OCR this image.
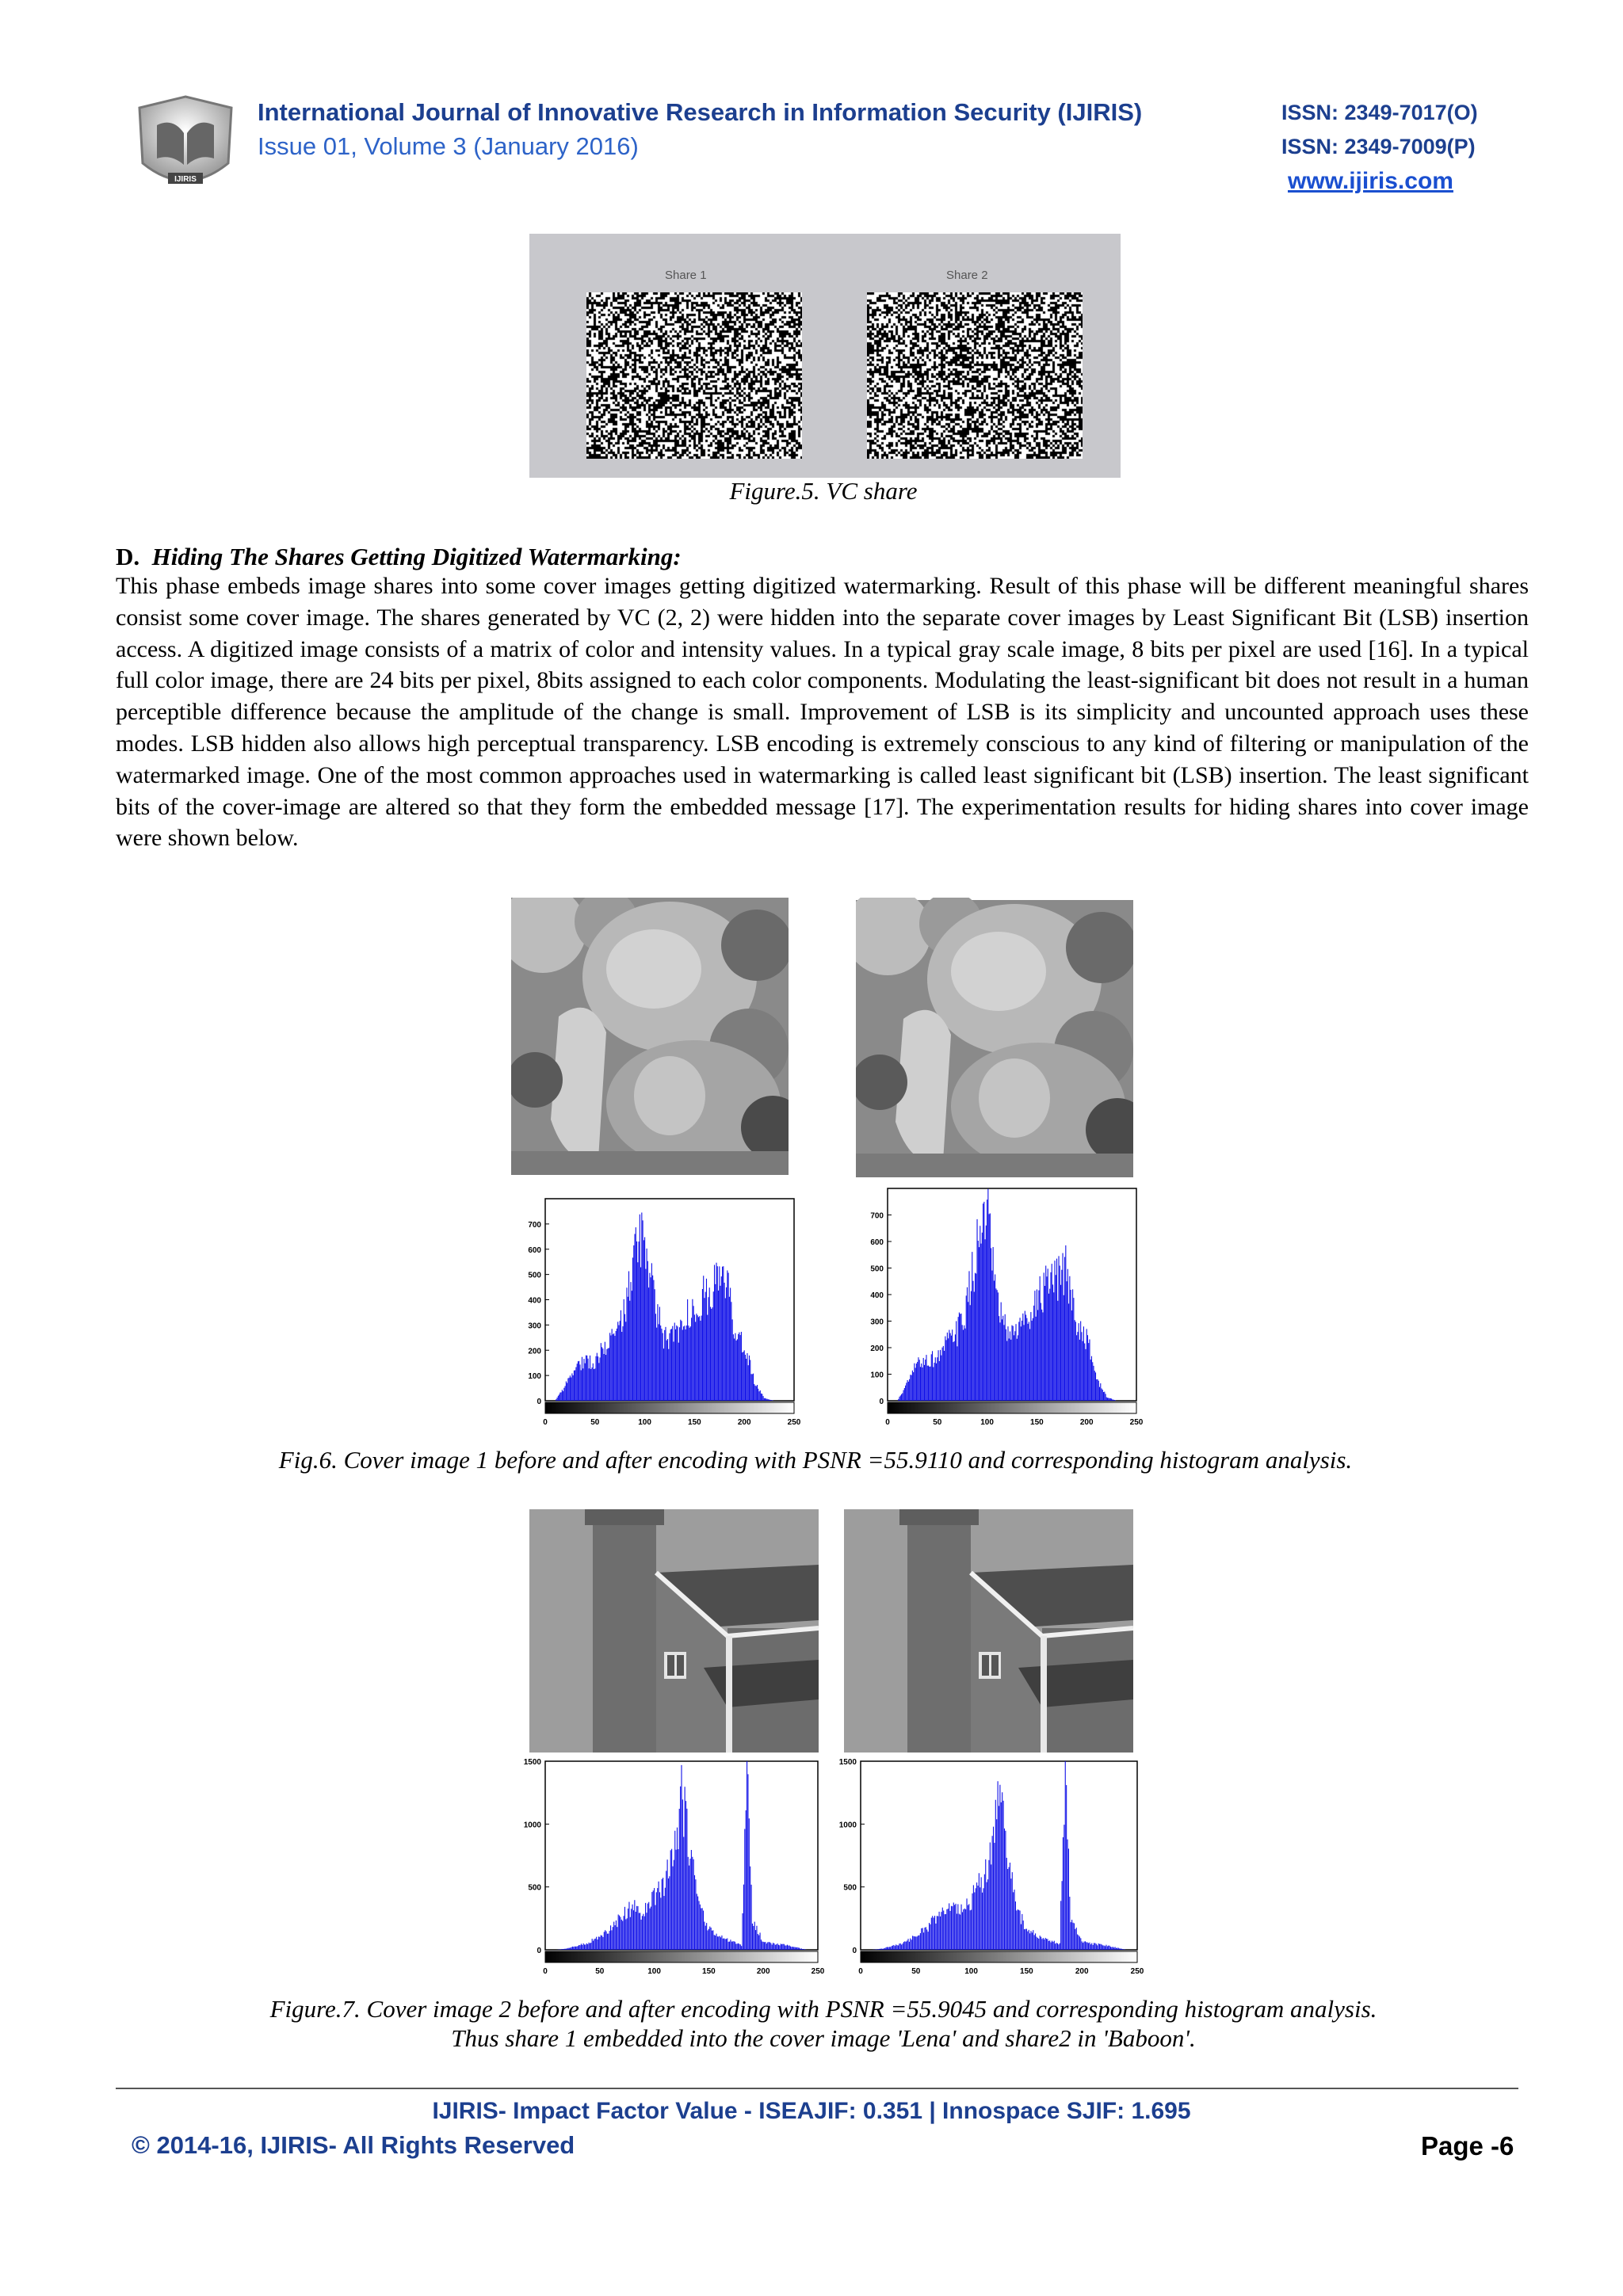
IJIRIS
International Journal of Innovative Research in Information Security (IJIRIS)
Issue 01, Volume 3 (January 2016)
ISSN: 2349-7017(O)
ISSN: 2349-7009(P)
www.ijiris.com
Share 1	Share 2
Figure.5. VC share
D. Hiding The Shares Getting Digitized Watermarking:
This phase embeds image shares into some cover images getting digitized watermarking. Result of this phase will be different meaningful shares consist some cover image. The shares generated by VC (2, 2) were hidden into the separate cover images by Least Significant Bit (LSB) insertion access. A digitized image consists of a matrix of color and intensity values. In a typical gray scale image, 8 bits per pixel are used [16]. In a typical full color image, there are 24 bits per pixel, 8bits assigned to each color components. Modulating the least-significant bit does not result in a human perceptible difference because the amplitude of the change is small. Improvement of LSB is its simplicity and uncounted approach uses these modes. LSB hidden also allows high perceptual transparency. LSB encoding is extremely conscious to any kind of filtering or manipulation of the watermarked image. One of the most common approaches used in watermarking is called least significant bit (LSB) insertion. The least significant bits of the cover-image are altered so that they form the embedded message [17]. The experimentation results for hiding shares into cover image were shown below.
700
600
500
400
300
200
100
0
0	50	100	150	200	250
700
600
500
400
300
200
100
0
0	50	100	150	200	250
Fig.6. Cover image 1 before and after encoding with PSNR =55.9110 and corresponding histogram analysis.
1500
1000
500
0
0	50	100	150	200	250
1500
1000
500
0
0	50	100	150	200	250
Figure.7. Cover image 2 before and after encoding with PSNR =55.9045 and corresponding histogram analysis.
Thus share 1 embedded into the cover image 'Lena' and share2 in 'Baboon'.
IJIRIS- Impact Factor Value - ISEAJIF: 0.351 | Innospace SJIF: 1.695
© 2014-16, IJIRIS- All Rights Reserved	Page -6
